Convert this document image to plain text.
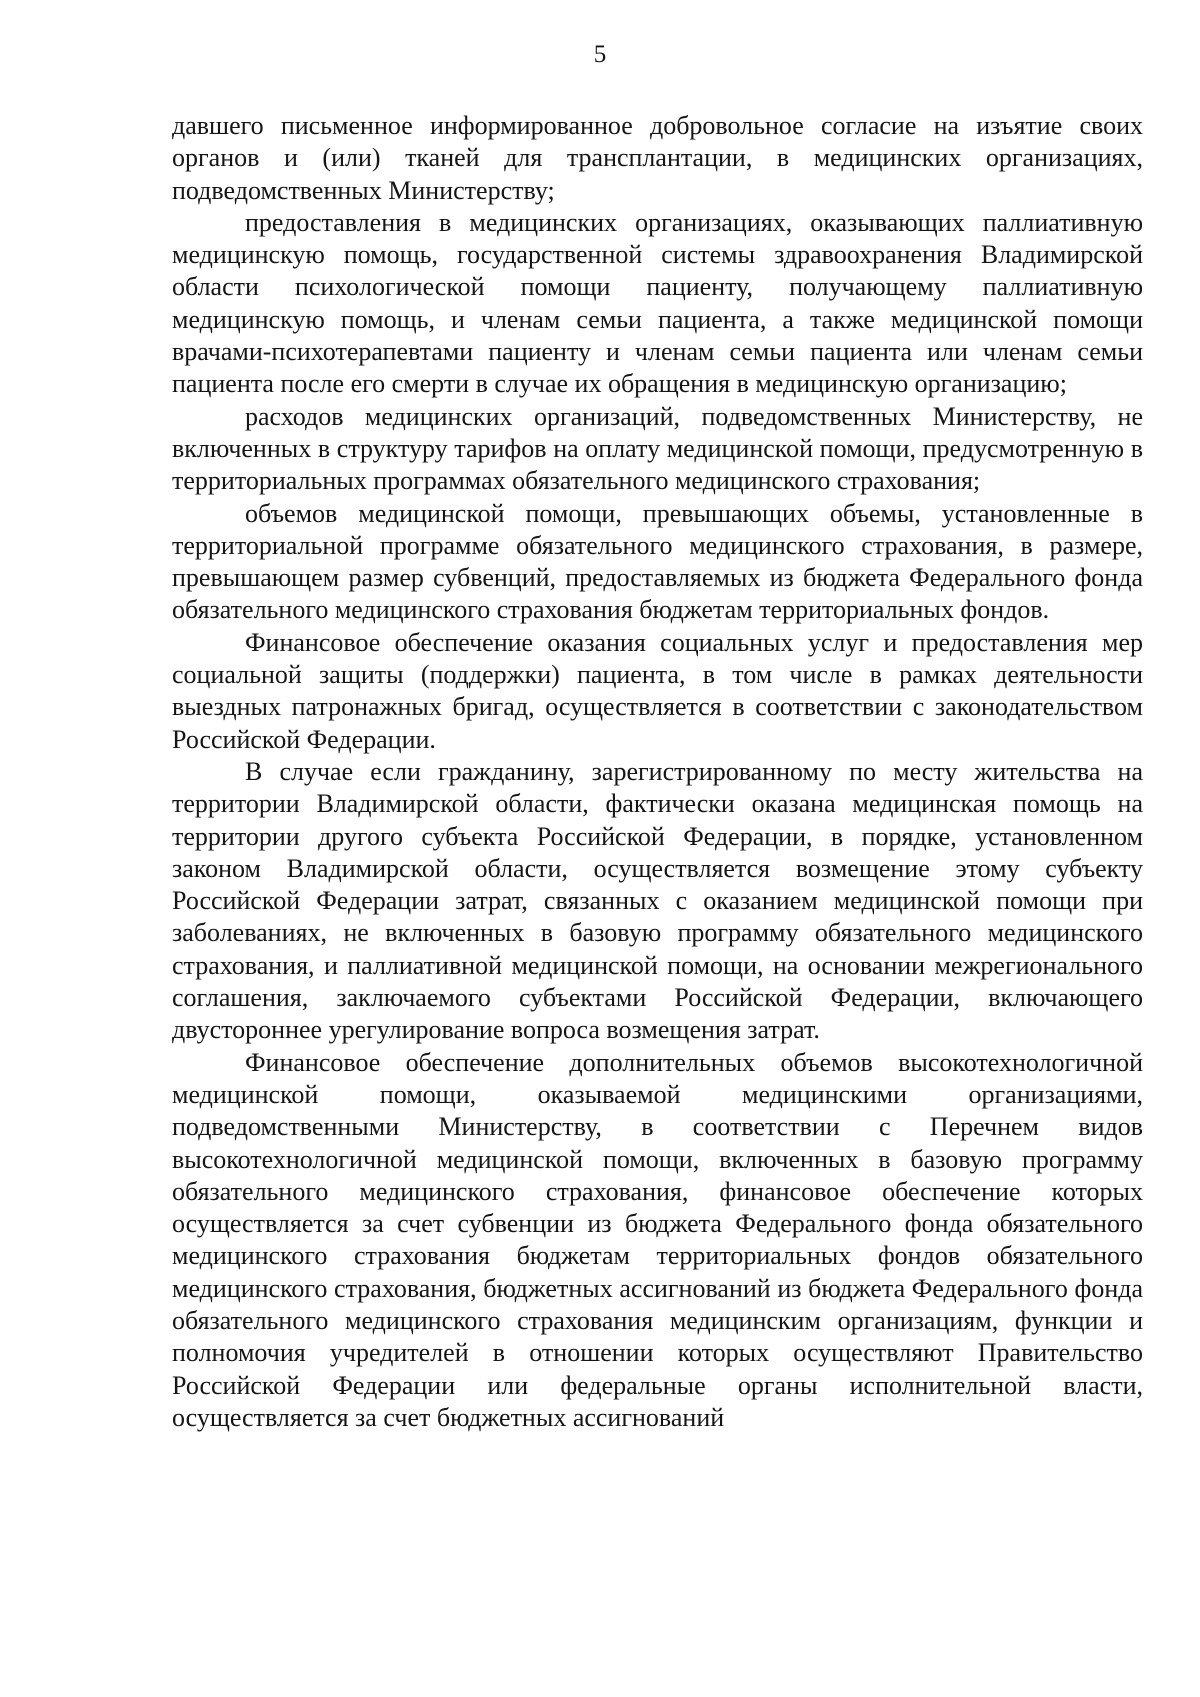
5

давшего письменное информированное добровольное согласие на изъятие своих органов и (или) тканей для трансплантации, в медицинских организациях, подведомственных Министерству;

предоставления в медицинских организациях, оказывающих паллиативную медицинскую помощь, государственной системы здравоохранения Владимирской области психологической помощи пациенту, получающему паллиативную медицинскую помощь, и членам семьи пациента, а также медицинской помощи врачами-психотерапевтами пациенту и членам семьи пациента или членам семьи пациента после его смерти в случае их обращения в медицинскую организацию;

расходов медицинских организаций, подведомственных Министерству, не включенных в структуру тарифов на оплату медицинской помощи, предусмотренную в территориальных программах обязательного медицинского страхования;

объемов медицинской помощи, превышающих объемы, установленные в территориальной программе обязательного медицинского страхования, в размере, превышающем размер субвенций, предоставляемых из бюджета Федерального фонда обязательного медицинского страхования бюджетам территориальных фондов.

Финансовое обеспечение оказания социальных услуг и предоставления мер социальной защиты (поддержки) пациента, в том числе в рамках деятельности выездных патронажных бригад, осуществляется в соответствии с законодательством Российской Федерации.

В случае если гражданину, зарегистрированному по месту жительства на территории Владимирской области, фактически оказана медицинская помощь на территории другого субъекта Российской Федерации, в порядке, установленном законом Владимирской области, осуществляется возмещение этому субъекту Российской Федерации затрат, связанных с оказанием медицинской помощи при заболеваниях, не включенных в базовую программу обязательного медицинского страхования, и паллиативной медицинской помощи, на основании межрегионального соглашения, заключаемого субъектами Российской Федерации, включающего двустороннее урегулирование вопроса возмещения затрат.

Финансовое обеспечение дополнительных объемов высокотехнологичной медицинской помощи, оказываемой медицинскими организациями, подведомственными Министерству, в соответствии с Перечнем видов высокотехнологичной медицинской помощи, включенных в базовую программу обязательного медицинского страхования, финансовое обеспечение которых осуществляется за счет субвенции из бюджета Федерального фонда обязательного медицинского страхования бюджетам территориальных фондов обязательного медицинского страхования, бюджетных ассигнований из бюджета Федерального фонда обязательного медицинского страхования медицинским организациям, функции и полномочия учредителей в отношении которых осуществляют Правительство Российской Федерации или федеральные органы исполнительной власти, осуществляется за счет бюджетных ассигнований
